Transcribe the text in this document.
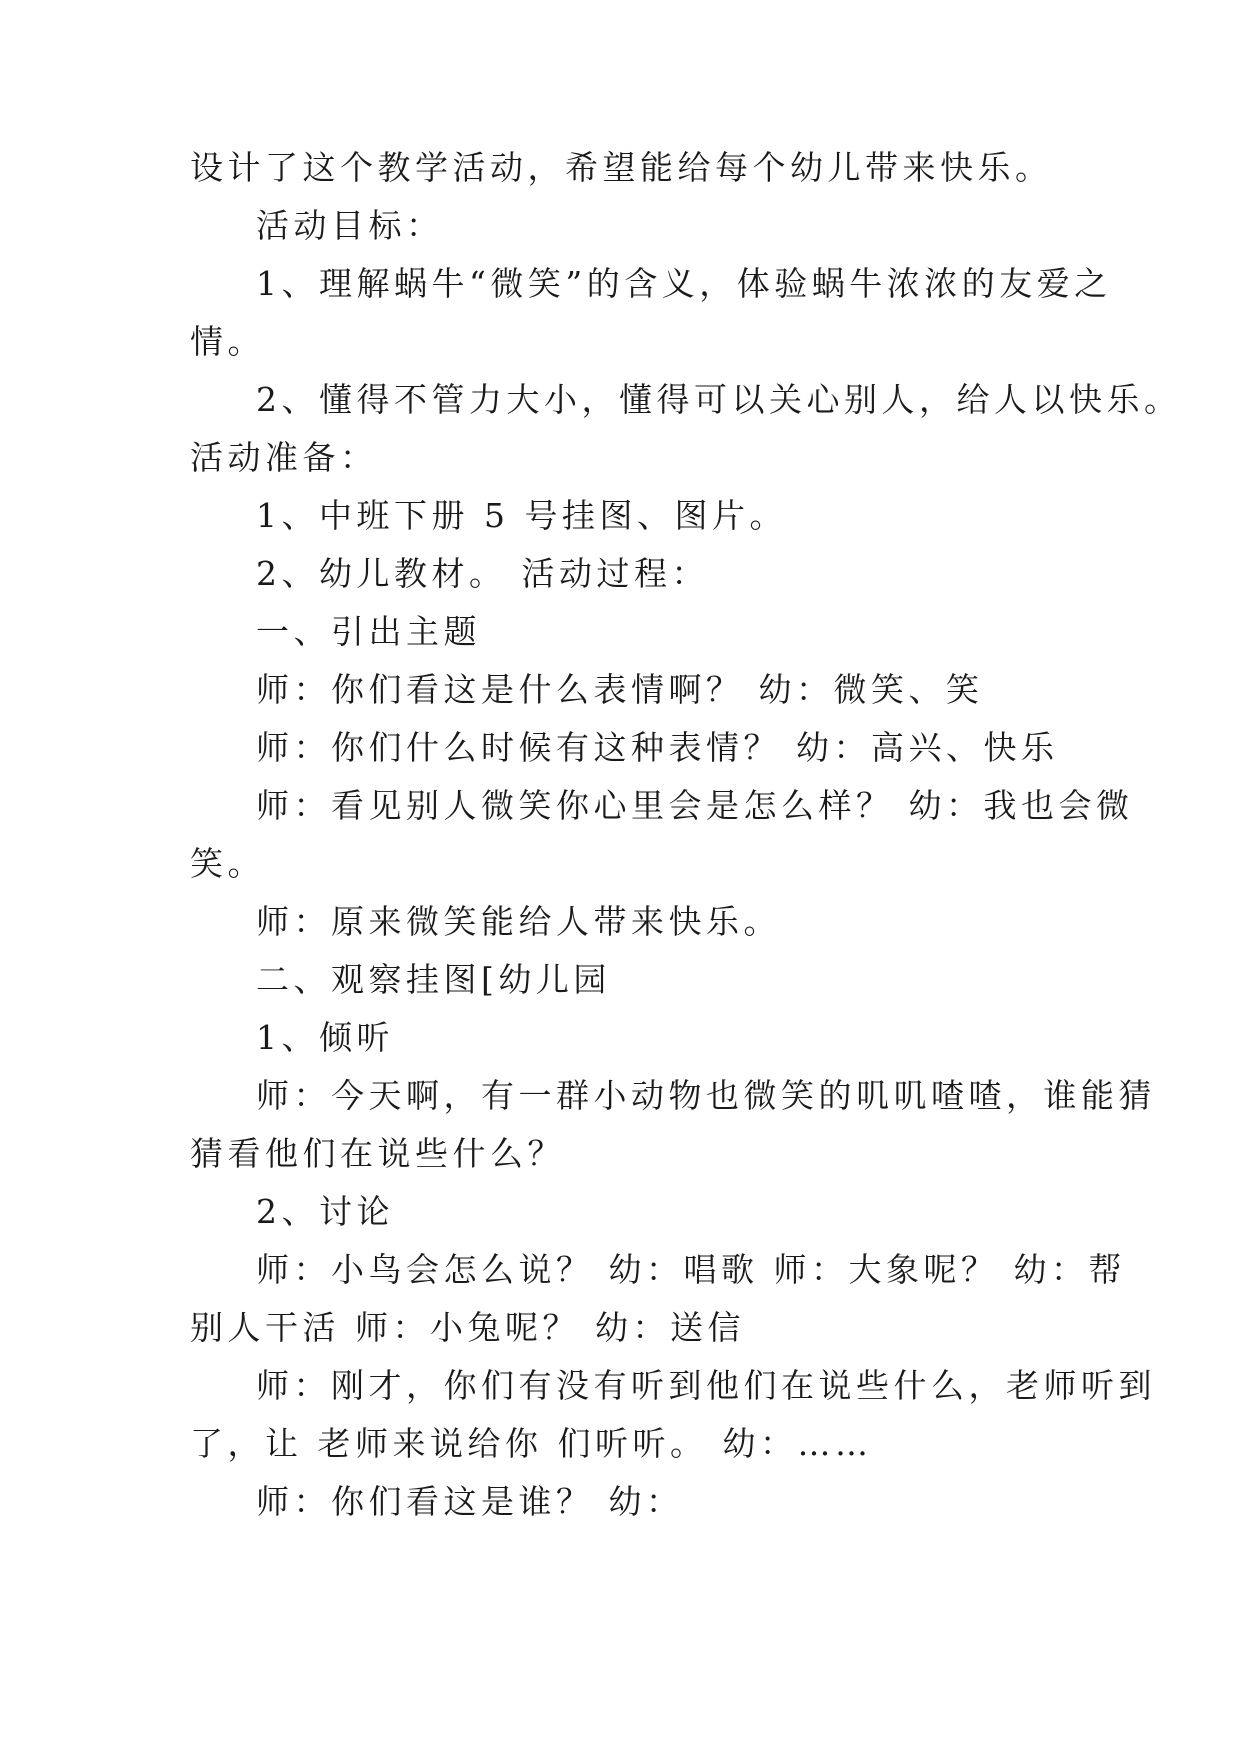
设计了这个教学活动，希望能给每个幼儿带来快乐。
活动目标：
1、理解蜗牛“微笑”的含义，体验蜗牛浓浓的友爱之
情。
2、懂得不管力大小，懂得可以关心别人，给人以快乐。
活动准备：
1、中班下册 5 号挂图、图片。
2、幼儿教材。 活动过程：
一、引出主题
师：你们看这是什么表情啊？ 幼：微笑、笑
师：你们什么时候有这种表情？ 幼：高兴、快乐
师：看见别人微笑你心里会是怎么样？ 幼：我也会微
笑。
师：原来微笑能给人带来快乐。
二、观察挂图[幼儿园
1、倾听
师：今天啊，有一群小动物也微笑的叽叽喳喳，谁能猜
猜看他们在说些什么？
2、讨论
师：小鸟会怎么说？ 幼：唱歌 师：大象呢？ 幼：帮
别人干活 师：小兔呢？ 幼：送信
师：刚才，你们有没有听到他们在说些什么，老师听到
了，让 老师来说给你 们听听。 幼：……
师：你们看这是谁？ 幼：
